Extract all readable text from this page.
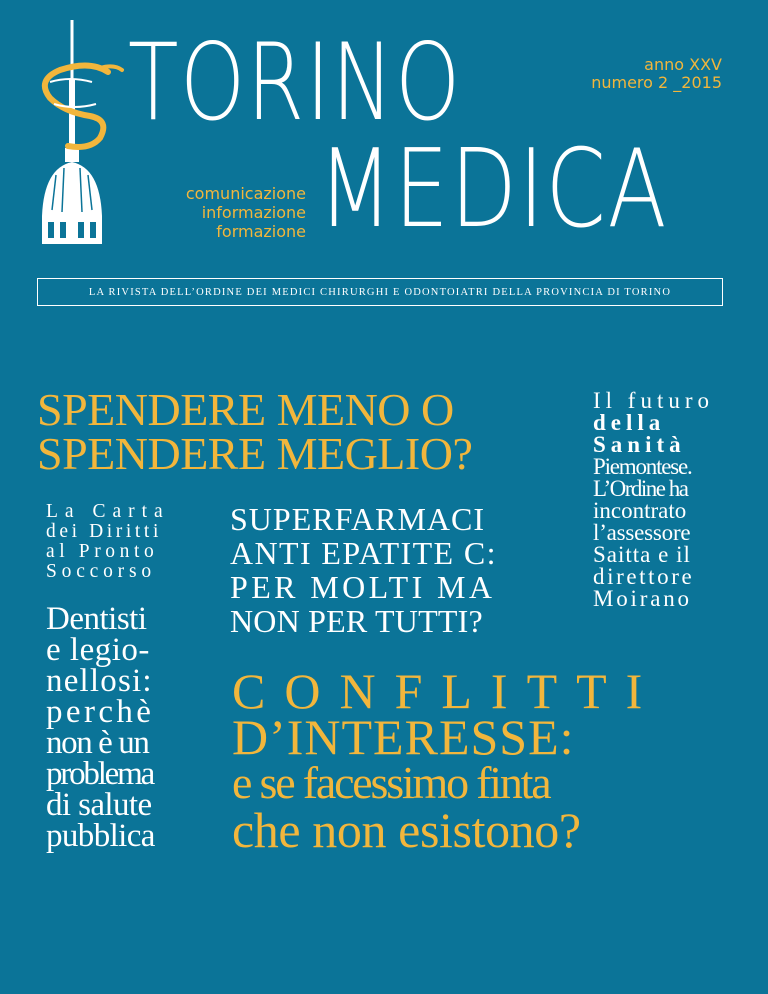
TORINO
MEDICA
anno XXV
numero 2 _2015
comunicazione
informazione
formazione
LA RIVISTA DELL’ORDINE DEI MEDICI CHIRURGHI E ODONTOIATRI DELLA PROVINCIA DI TORINO
SPENDERE MENO O
SPENDERE MEGLIO?
Il futuro
della
Sanità
Piemontese.
L’Ordine ha
incontrato
l’assessore
Saitta e il
direttore
Moirano
La Carta
dei Diritti
al Pronto
Soccorso
SUPERFARMACI
ANTI EPATITE C:
PER MOLTI MA
NON PER TUTTI?
Dentisti
e legio-
nellosi:
perchè
non è un
problema
di salute
pubblica
CONFLITTI
D’INTERESSE:
e se facessimo finta
che non esistono?
